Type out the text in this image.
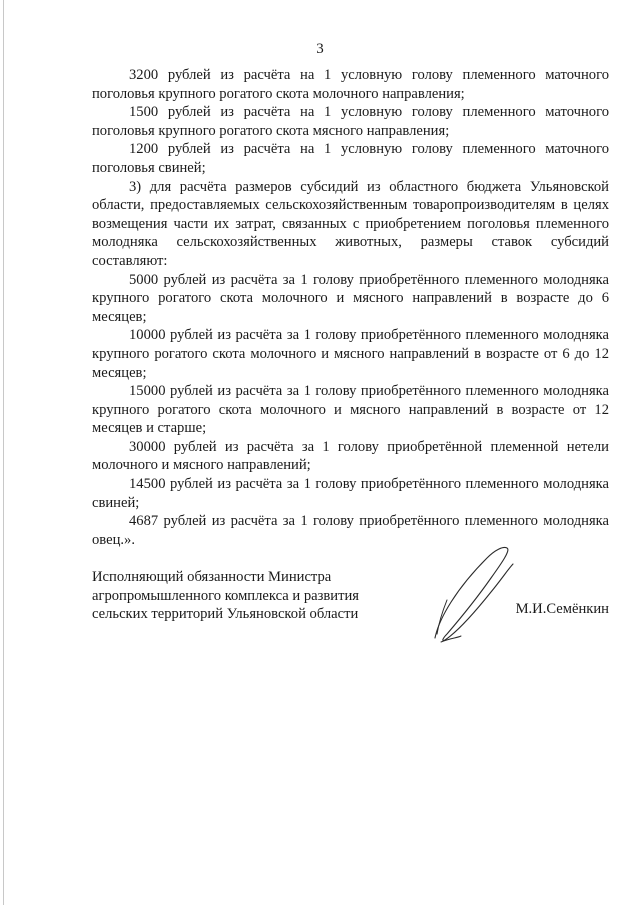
3

3200 рублей из расчёта на 1 условную голову племенного маточного поголовья крупного рогатого скота молочного направления;

1500 рублей из расчёта на 1 условную голову племенного маточного поголовья крупного рогатого скота мясного направления;

1200 рублей из расчёта на 1 условную голову племенного маточного поголовья свиней;

3) для расчёта размеров субсидий из областного бюджета Ульяновской области, предоставляемых сельскохозяйственным товаропроизводителям в целях возмещения части их затрат, связанных с приобретением поголовья племенного молодняка сельскохозяйственных животных, размеры ставок субсидий составляют:

5000 рублей из расчёта за 1 голову приобретённого племенного молодняка крупного рогатого скота молочного и мясного направлений в возрасте до 6 месяцев;

10000 рублей из расчёта за 1 голову приобретённого племенного молодняка крупного рогатого скота молочного и мясного направлений в возрасте от 6 до 12 месяцев;

15000 рублей из расчёта за 1 голову приобретённого племенного молодняка крупного рогатого скота молочного и мясного направлений в возрасте от 12 месяцев и старше;

30000 рублей из расчёта за 1 голову приобретённой племенной нетели молочного и мясного направлений;

14500 рублей из расчёта за 1 голову приобретённого племенного молодняка свиней;

4687 рублей из расчёта за 1 голову приобретённого племенного молодняка овец.».

Исполняющий обязанности Министра
агропромышленного комплекса и развития
сельских территорий Ульяновской области	М.И.Семёнкин
